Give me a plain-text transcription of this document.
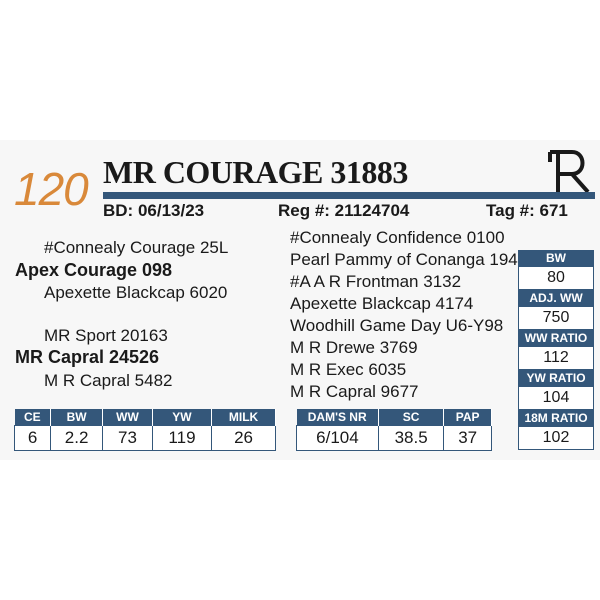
120 MR COURAGE 31883
BD: 06/13/23	Reg #: 21124704	Tag #: 671
#Connealy Courage 25L
Apex Courage 098
Apexette Blackcap 6020
MR Sport 20163
MR Capral 24526
M R Capral 5482
#Connealy Confidence 0100
Pearl Pammy of Conanga 194
#A A R Frontman 3132
Apexette Blackcap 4174
Woodhill Game Day U6-Y98
M R Drewe 3769
M R Exec 6035
M R Capral 9677
BW
80
ADJ. WW
750
WW RATIO
112
YW RATIO
104
18M RATIO
102
CE	BW	WW	YW	MILK
6	2.2	73	119	26
DAM'S NR	SC	PAP
6/104	38.5	37
